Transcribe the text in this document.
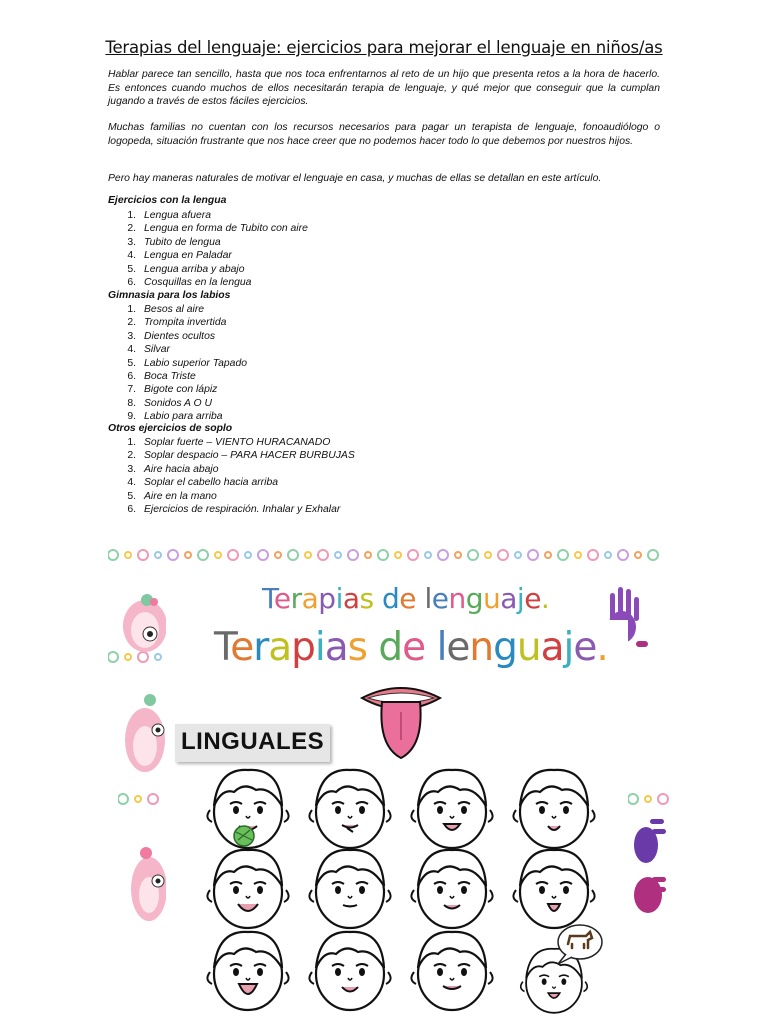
Terapias del lenguaje: ejercicios para mejorar el lenguaje en niños/as

Hablar parece tan sencillo, hasta que nos toca enfrentarnos al reto de un hijo que presenta retos a la hora de hacerlo. Es entonces cuando muchos de ellos necesitarán terapia de lenguaje, y qué mejor que conseguir que la cumplan jugando a través de estos fáciles ejercicios.

Muchas familias no cuentan con los recursos necesarios para pagar un terapista de lenguaje, fonoaudiólogo o logopeda, situación frustrante que nos hace creer que no podemos hacer todo lo que debemos por nuestros hijos.

Pero hay maneras naturales de motivar el lenguaje en casa, y muchas de ellas se detallan en este artículo.

Ejercicios con la lengua

1. Lengua afuera
2. Lengua en forma de Tubito con aire
3. Tubito de lengua
4. Lengua en Paladar
5. Lengua arriba y abajo
6. Cosquillas en la lengua

Gimnasia para los labios

1. Besos al aire
2. Trompita invertida
3. Dientes ocultos
4. Silvar
5. Labio superior Tapado
6. Boca Triste
7. Bigote con lápiz
8. Sonidos A O U
9. Labio para arriba

Otros ejercicios de soplo

1. Soplar fuerte – VIENTO HURACANADO
2. Soplar despacio – PARA HACER BURBUJAS
3. Aire hacia abajo
4. Soplar el cabello hacia arriba
5. Aire en la mano
6. Ejercicios de respiración. Inhalar y Exhalar
Terapias de lenguaje.
Terapias de lenguaje.
LINGUALES
